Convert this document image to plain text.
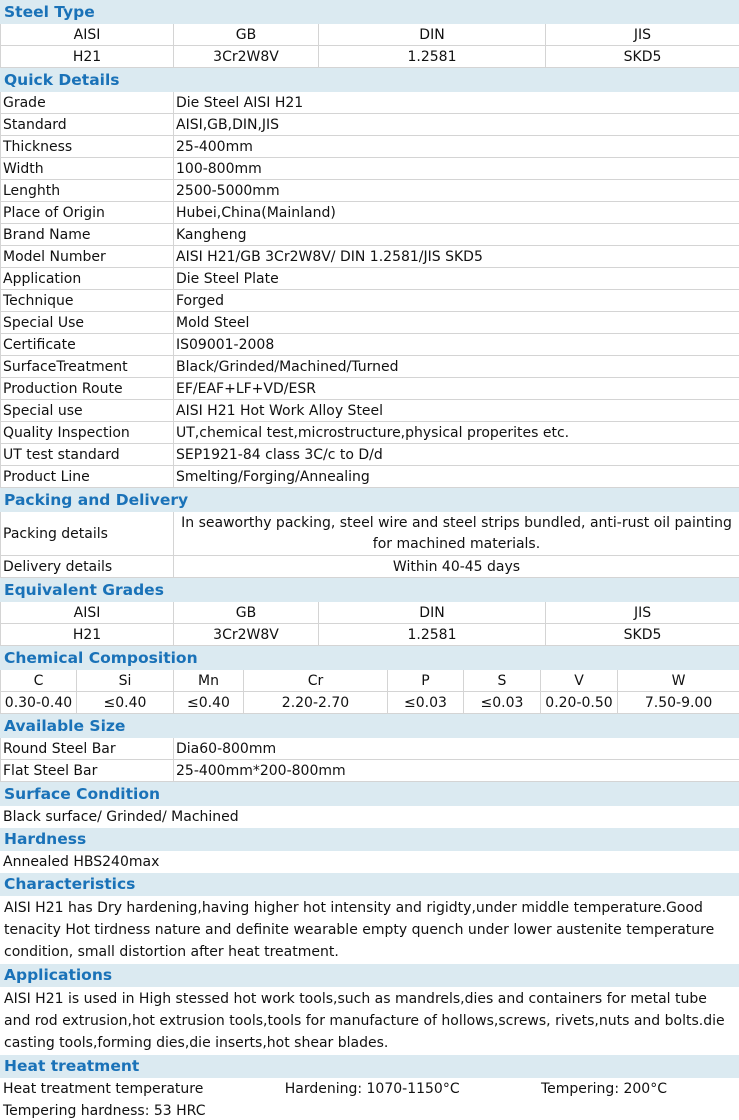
Steel Type			
AISI	GB	DIN	JIS
H21	3Cr2W8V	1.2581	SKD5
Quick Details	
Grade	Die Steel AISI H21
Standard	AISI,GB,DIN,JIS
Thickness	25-400mm
Width	100-800mm
Lenghth	2500-5000mm
Place of Origin	Hubei,China(Mainland)
Brand Name	Kangheng
Model Number	AISI H21/GB 3Cr2W8V/ DIN 1.2581/JIS SKD5
Application	Die Steel Plate
Technique	Forged
Special Use	Mold Steel
Certificate	IS09001-2008
SurfaceTreatment	Black/Grinded/Machined/Turned
Production Route	EF/EAF+LF+VD/ESR
Special use	AISI H21 Hot Work Alloy Steel
Quality Inspection	UT,chemical test,microstructure,physical properites etc.
UT test standard	SEP1921-84 class 3C/c to D/d
Product Line	Smelting/Forging/Annealing
Packing and Delivery	
Packing details	In seaworthy packing, steel wire and steel strips bundled, anti-rust oil painting for machined materials.
Delivery details	Within 40-45 days
Equivalent Grades			
AISI	GB	DIN	JIS
H21	3Cr2W8V	1.2581	SKD5
Chemical Composition							
C	Si	Mn	Cr	P	S	V	W
0.30-0.40	≤0.40	≤0.40	2.20-2.70	≤0.03	≤0.03	0.20-0.50	7.50-9.00
Available Size	
Round Steel Bar	Dia60-800mm
Flat Steel Bar	25-400mm*200-800mm
Surface Condition
Black surface/ Grinded/ Machined
Hardness
Annealed HBS240max
Characteristics
AISI H21 has Dry hardening,having higher hot intensity and rigidty,under middle temperature.Good tenacity Hot tirdness nature and definite wearable empty quench under lower austenite temperature condition, small distortion after heat treatment.
Applications
AISI H21 is used in High stessed hot work tools,such as mandrels,dies and containers for metal tube and rod extrusion,hot extrusion tools,tools for manufacture of hollows,screws, rivets,nuts and bolts.die casting tools,forming dies,die inserts,hot shear blades.
Heat treatment

Heat treatment temperature	Hardening: 1070-1150°C	Tempering: 200°C

Tempering hardness: 53 HRC
